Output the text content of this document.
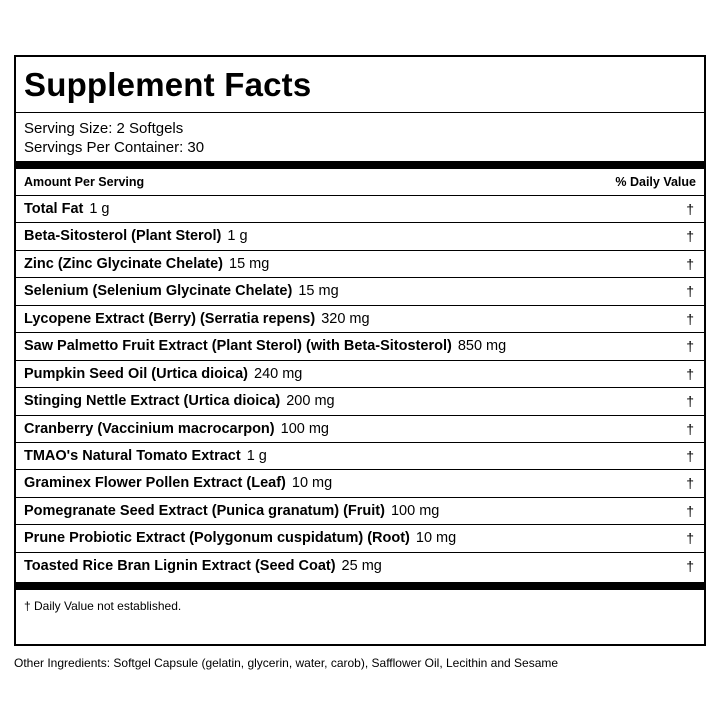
Supplement Facts
Serving Size: 2 Softgels
Servings Per Container: 30
Amount Per Serving	% Daily Value
Total Fat 1 g	†
Beta-Sitosterol (Plant Sterol) 1 g	†
Zinc (Zinc Glycinate Chelate) 15 mg	†
Selenium (Selenium Glycinate Chelate) 15 mg	†
Lycopene Extract (Berry) (Serratia repens) 320 mg	†
Saw Palmetto Fruit Extract (Plant Sterol) (with Beta-Sitosterol) 850 mg	†
Pumpkin Seed Oil (Urtica dioica) 240 mg	†
Stinging Nettle Extract (Urtica dioica) 200 mg	†
Cranberry (Vaccinium macrocarpon) 100 mg	†
TMAO's Natural Tomato Extract 1 g	†
Graminex Flower Pollen Extract (Leaf) 10 mg	†
Pomegranate Seed Extract (Punica granatum) (Fruit) 100 mg	†
Prune Probiotic Extract (Polygonum cuspidatum) (Root) 10 mg	†
Toasted Rice Bran Lignin Extract (Seed Coat) 25 mg	†
† Daily Value not established.
Other Ingredients: Softgel Capsule (gelatin, glycerin, water, carob), Safflower Oil, Lecithin and Sesame
